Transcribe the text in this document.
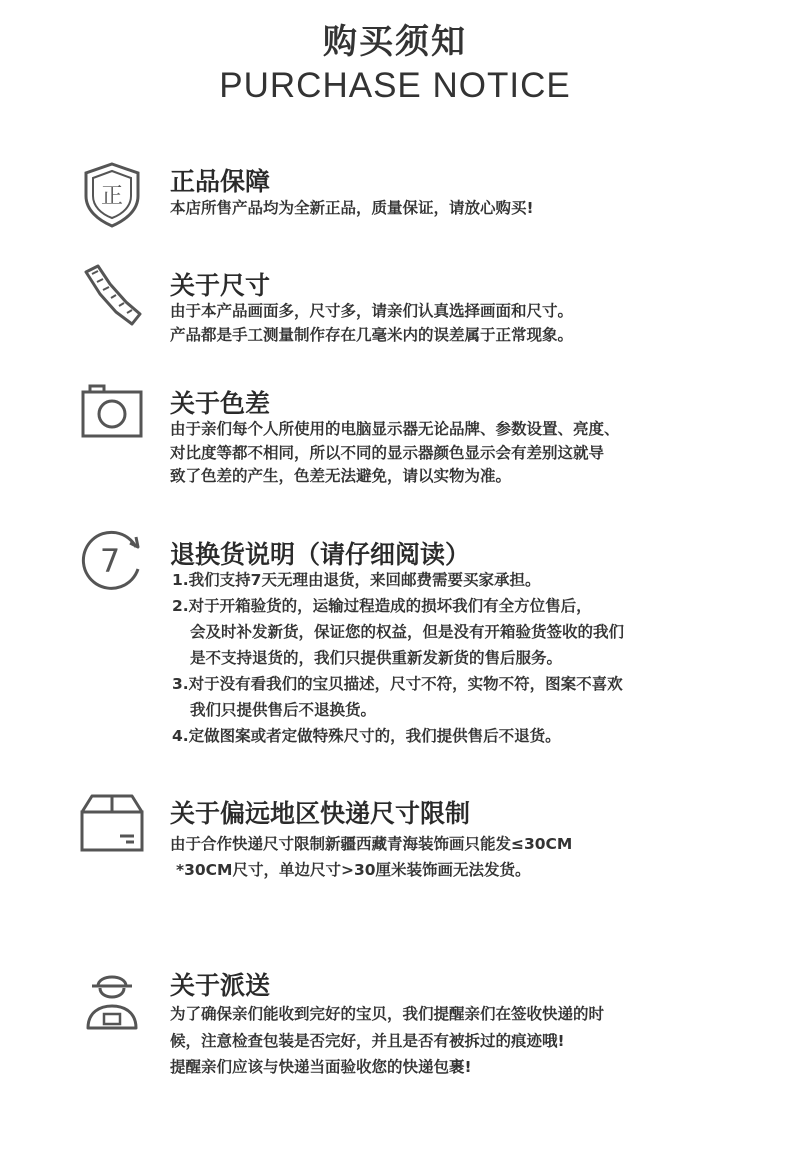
购买须知
PURCHASE NOTICE
正
正品保障
本店所售产品均为全新正品，质量保证，请放心购买!
关于尺寸
由于本产品画面多，尺寸多，请亲们认真选择画面和尺寸。
产品都是手工测量制作存在几毫米内的误差属于正常现象。
关于色差
由于亲们每个人所使用的电脑显示器无论品牌、参数设置、亮度、
对比度等都不相同，所以不同的显示器颜色显示会有差别这就导
致了色差的产生，色差无法避免，请以实物为准。
7 退换货说明（请仔细阅读）
1.我们支持7天无理由退货，来回邮费需要买家承担。
2.对于开箱验货的，运输过程造成的损坏我们有全方位售后，
会及时补发新货，保证您的权益，但是没有开箱验货签收的我们
是不支持退货的，我们只提供重新发新货的售后服务。
3.对于没有看我们的宝贝描述，尺寸不符，实物不符，图案不喜欢
我们只提供售后不退换货。
4.定做图案或者定做特殊尺寸的，我们提供售后不退货。
关于偏远地区快递尺寸限制
由于合作快递尺寸限制新疆西藏青海装饰画只能发≤30CM
*30CM尺寸，单边尺寸>30厘米装饰画无法发货。
关于派送
为了确保亲们能收到完好的宝贝，我们提醒亲们在签收快递的时
候，注意检查包装是否完好，并且是否有被拆过的痕迹哦!
提醒亲们应该与快递当面验收您的快递包裹!
